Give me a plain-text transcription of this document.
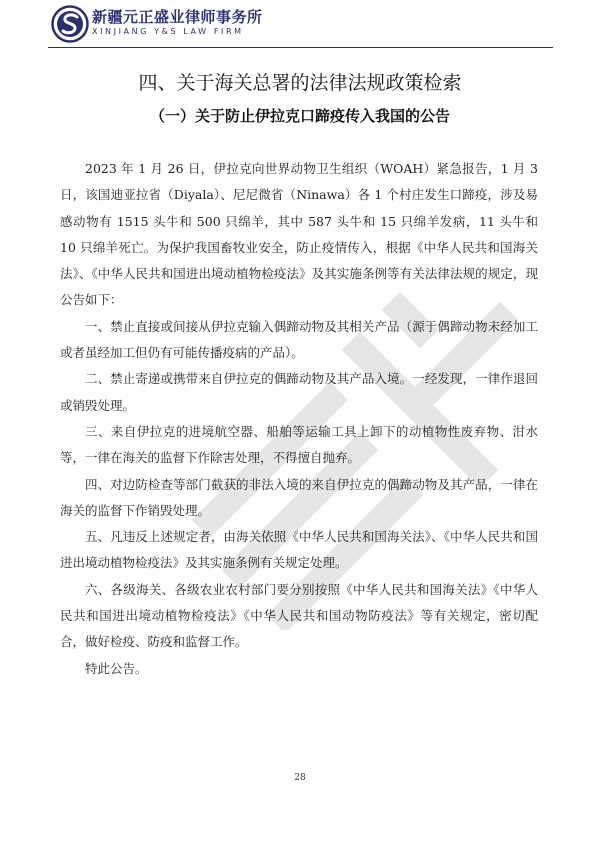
新疆元正盛业律师事务所
XINJIANG Y&S LAW FIRM
四、关于海关总署的法律法规政策检索
（一）关于防止伊拉克口蹄疫传入我国的公告

2023 年 1 月 26 日，伊拉克向世界动物卫生组织（WOAH）紧急报告，1 月 3 日，该国迪亚拉省（Diyala）、尼尼微省（Ninawa）各 1 个村庄发生口蹄疫，涉及易感动物有 1515 头牛和 500 只绵羊，其中 587 头牛和 15 只绵羊发病，11 头牛和 10 只绵羊死亡。为保护我国畜牧业安全，防止疫情传入，根据《中华人民共和国海关法》、《中华人民共和国进出境动植物检疫法》及其实施条例等有关法律法规的规定，现公告如下：

一、禁止直接或间接从伊拉克输入偶蹄动物及其相关产品（源于偶蹄动物未经加工或者虽经加工但仍有可能传播疫病的产品）。

二、禁止寄递或携带来自伊拉克的偶蹄动物及其产品入境。一经发现，一律作退回或销毁处理。

三、来自伊拉克的进境航空器、船舶等运输工具上卸下的动植物性废弃物、泔水等，一律在海关的监督下作除害处理，不得擅自抛弃。

四、对边防检查等部门截获的非法入境的来自伊拉克的偶蹄动物及其产品，一律在海关的监督下作销毁处理。

五、凡违反上述规定者，由海关依照《中华人民共和国海关法》、《中华人民共和国进出境动植物检疫法》及其实施条例有关规定处理。

六、各级海关、各级农业农村部门要分别按照《中华人民共和国海关法》《中华人民共和国进出境动植物检疫法》《中华人民共和国动物防疫法》等有关规定，密切配合，做好检疫、防疫和监督工作。

特此公告。

28
